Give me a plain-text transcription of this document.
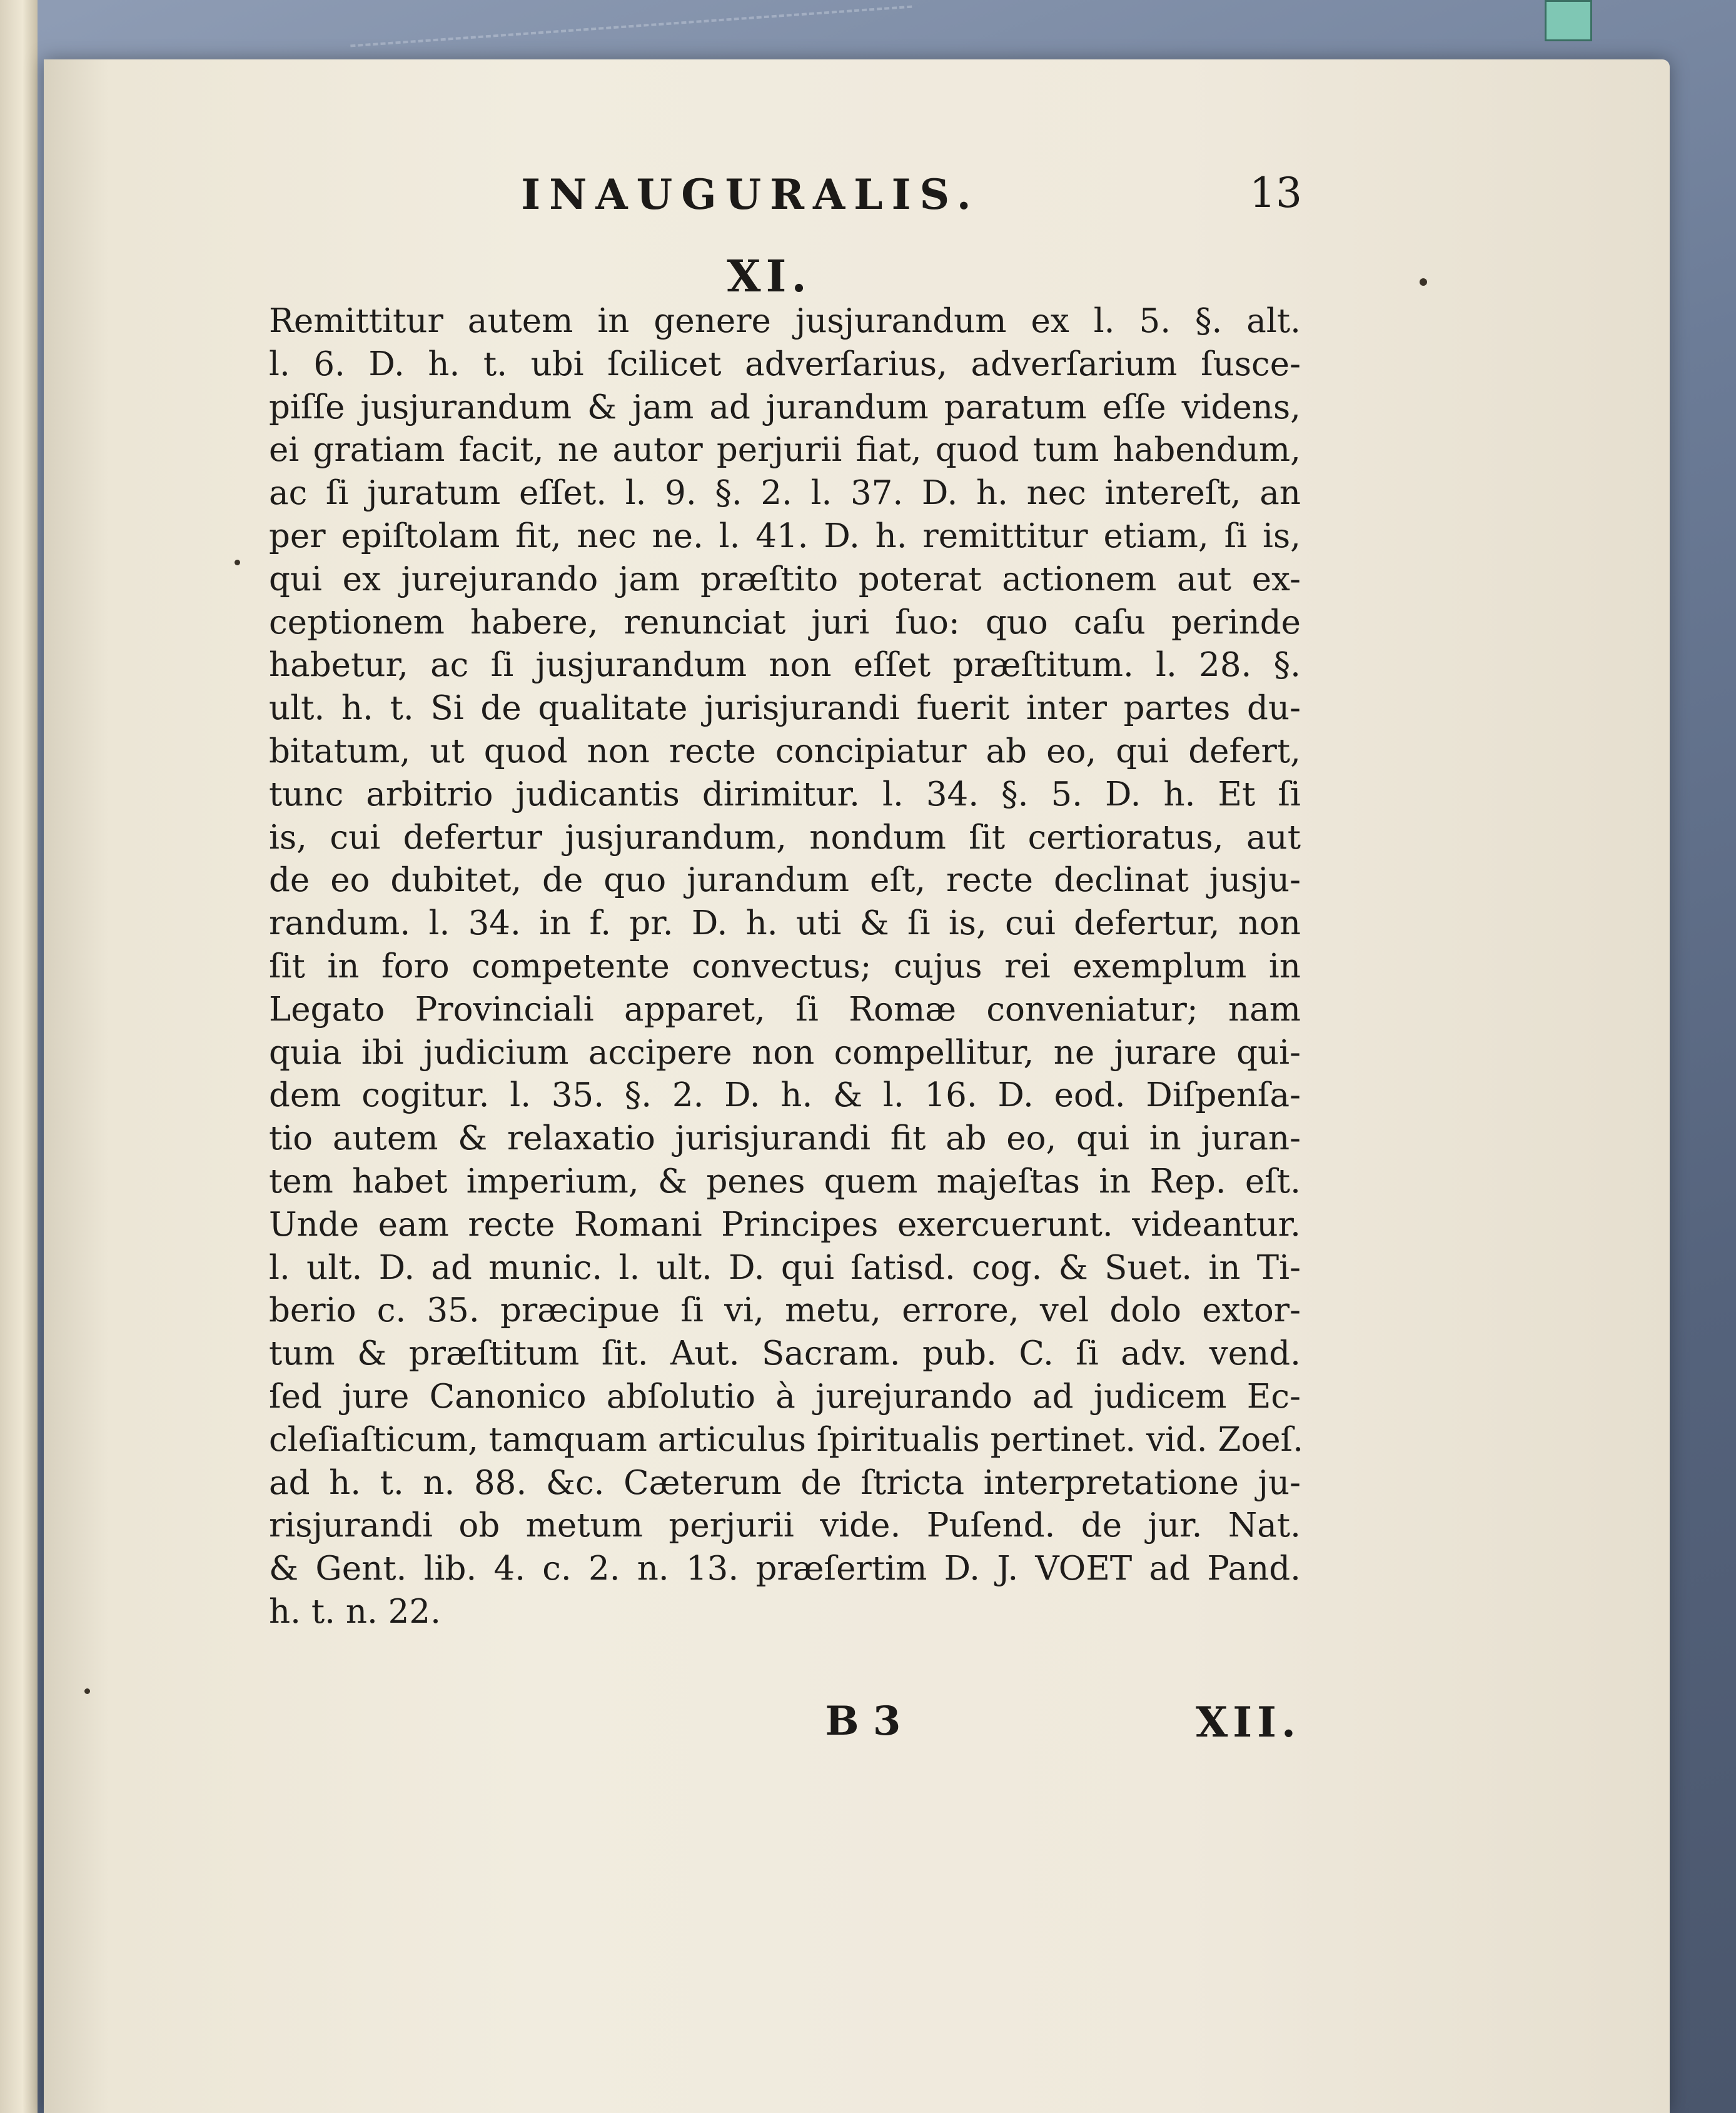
INAUGURALIS.	13
XI.
Remittitur autem in genere jusjurandum ex l. 5. §. alt.
l. 6. D. h. t. ubi ſcilicet adverſarius, adverſarium ſusce-
piſſe jusjurandum & jam ad jurandum paratum eſſe videns,
ei gratiam facit, ne autor perjurii fiat, quod tum habendum,
ac ſi juratum eſſet. l. 9. §. 2. l. 37. D. h. nec intereſt, an
per epiſtolam fit, nec ne. l. 41. D. h. remittitur etiam, ſi is,
qui ex jurejurando jam præſtito poterat actionem aut ex-
ceptionem habere, renunciat juri ſuo: quo caſu perinde
habetur, ac ſi jusjurandum non eſſet præſtitum. l. 28. §.
ult. h. t. Si de qualitate jurisjurandi fuerit inter partes du-
bitatum, ut quod non recte concipiatur ab eo, qui defert,
tunc arbitrio judicantis dirimitur. l. 34. §. 5. D. h. Et ſi
is, cui defertur jusjurandum, nondum ſit certioratus, aut
de eo dubitet, de quo jurandum eſt, recte declinat jusju-
randum. l. 34. in f. pr. D. h. uti & ſi is, cui defertur, non
ſit in foro competente convectus; cujus rei exemplum in
Legato Provinciali apparet, ſi Romæ conveniatur; nam
quia ibi judicium accipere non compellitur, ne jurare qui-
dem cogitur. l. 35. §. 2. D. h. & l. 16. D. eod. Diſpenſa-
tio autem & relaxatio jurisjurandi fit ab eo, qui in juran-
tem habet imperium, & penes quem majeſtas in Rep. eſt.
Unde eam recte Romani Principes exercuerunt. videantur.
l. ult. D. ad munic. l. ult. D. qui ſatisd. cog. & Suet. in Ti-
berio c. 35. præcipue ſi vi, metu, errore, vel dolo extor-
tum & præſtitum ſit. Aut. Sacram. pub. C. ſi adv. vend.
ſed jure Canonico abſolutio à jurejurando ad judicem Ec-
cleſiaſticum, tamquam articulus ſpiritualis pertinet. vid. Zoeſ.
ad h. t. n. 88. &c. Cæterum de ſtricta interpretatione ju-
risjurandi ob metum perjurii vide. Puſend. de jur. Nat.
& Gent. lib. 4. c. 2. n. 13. præſertim D. J. VOET ad Pand.
h. t. n. 22.
B 3	XII.
